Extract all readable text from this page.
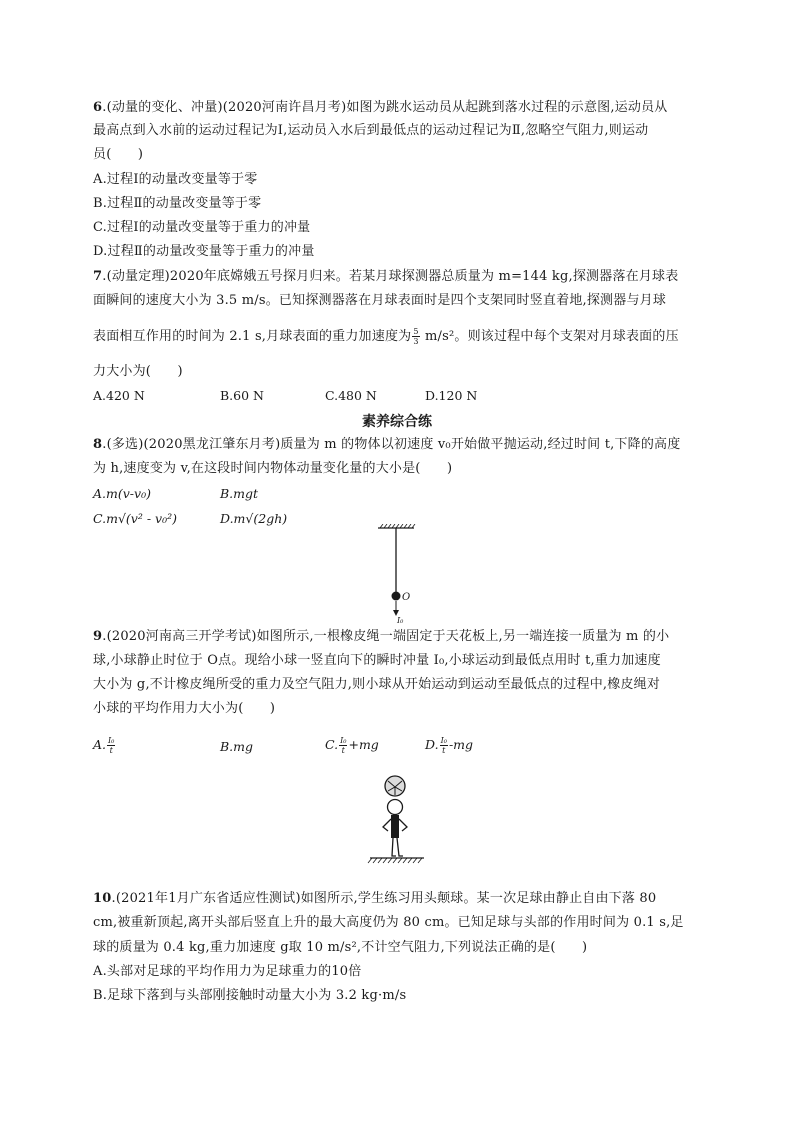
6.(动量的变化、冲量)(2020河南许昌月考)如图为跳水运动员从起跳到落水过程的示意图,运动员从
最高点到入水前的运动过程记为Ⅰ,运动员入水后到最低点的运动过程记为Ⅱ,忽略空气阻力,则运动
员(　　)
A.过程Ⅰ的动量改变量等于零
B.过程Ⅱ的动量改变量等于零
C.过程Ⅰ的动量改变量等于重力的冲量
D.过程Ⅱ的动量改变量等于重力的冲量
7.(动量定理)2020年底嫦娥五号探月归来。若某月球探测器总质量为 m=144 kg,探测器落在月球表
面瞬间的速度大小为 3.5 m/s。已知探测器落在月球表面时是四个支架同时竖直着地,探测器与月球
表面相互作用的时间为 2.1 s,月球表面的重力加速度为 $\frac{5}{3} m/s^2$。则该过程中每个支架对月球表面的压
力大小为(　　)
A.420 N	B.60 N	C.480 N	D.120 N
素养综合练
8.(多选)(2020黑龙江肇东月考)质量为 m 的物体以初速度 v₀开始做平抛运动,经过时间 t,下降的高度
为 h,速度变为 v,在这段时间内物体动量变化量的大小是(　　)
A.m(v-v₀)	B.mgt
C.m√(v² - v₀²)	D.m√(2gh)
O
I₀
9.(2020河南高三开学考试)如图所示,一根橡皮绳一端固定于天花板上,另一端连接一质量为 m 的小
球,小球静止时位于 O点。现给小球一竖直向下的瞬时冲量 I₀,小球运动到最低点用时 t,重力加速度
大小为 g,不计橡皮绳所受的重力及空气阻力,则小球从开始运动到运动至最低点的过程中,橡皮绳对
小球的平均作用力大小为(　　)
A. $\frac{\text{I₀}}{t}$	B.mg	C. $\frac{\text{I₀}}{t} +mg$	D. $\frac{\text{I₀}}{t} -mg$
10.(2021年1月广东省适应性测试)如图所示,学生练习用头颠球。某一次足球由静止自由下落 80
cm,被重新顶起,离开头部后竖直上升的最大高度仍为 80 cm。已知足球与头部的作用时间为 0.1 s,足
球的质量为 0.4 kg,重力加速度 g取 10 m/s²,不计空气阻力,下列说法正确的是(　　)
A.头部对足球的平均作用力为足球重力的10倍
B.足球下落到与头部刚接触时动量大小为 3.2 kg·m/s
